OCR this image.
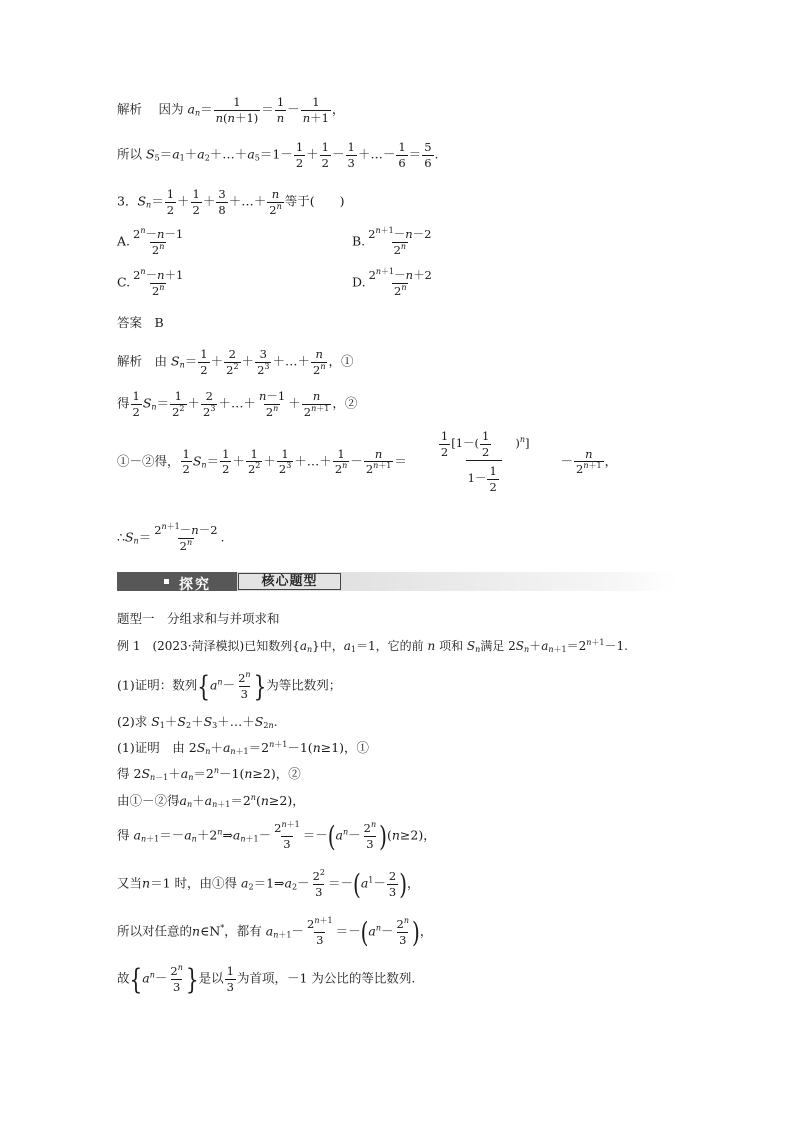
解析　 因为 $a_n= \frac{1}{n(n+1)} = \frac{1}{n} - \frac{1}{n+1}$ ，
所以 $S_5=a_1+a_2+\dots+a_5=1- \frac{1}{2} + \frac{1}{2} - \frac{1}{3}$ ＋…－ $\frac{1}{6} = \frac{5}{6}$ .
3．$S_n= \frac{1}{2} + \frac{1}{2} + \frac{3}{8}$ ＋…＋ $\frac{n}{2^n}$ 等于(　　)
A. $\frac{2^n-n-1}{2^n}$	B. $\frac{2^{n+1}-n-2}{2^n}$
C. $\frac{2^n-n+1}{2^n}$	D. $\frac{2^{n+1}-n+2}{2^n}$
答案　 B
解析　 由 $S_n= \frac{1}{2} + \frac{2}{2^2} + \frac{3}{2^3}$ ＋…＋ $\frac{n}{2^n}$ ，①
得 $\frac{1}{2} S_n= \frac{1}{2^2} + \frac{2}{2^3}$ ＋…＋ $\frac{n-1}{2^n} + \frac{n}{2^{n+1}}$ ，②
①－②得， $\frac{1}{2} S_n= \frac{1}{2} + \frac{1}{2^2} + \frac{1}{2^3}$ ＋…＋ $\frac{1}{2^n} - \frac{n}{2^{n+1}} = \frac{\frac{1}{2} [1-( \frac{1}{2} )^n]}{1- \frac{1}{2}} - \frac{n}{2^{n+1}}$ ，
$\therefore S_n= \frac{2^{n+1}-n-2}{2^n}$ .
探究	核心题型
题型一　分组求和与并项求和
例 1　 (2023·菏泽模拟)已知数列$\{a_n\}$中，$a_1=1$，它的前 n 项和 $S_n$满足 $2S_n+a_{n+1}=2^{n+1}-1$.
(1)证明：数列{$a^n- \frac{2^n}{3}$ }为等比数列；
(2)求 $S_1+S_2+S_3+\dots+S_{2n}$.
(1)证明　 由 $2S_n+a_{n+1}=2^{n+1}-1(n\ge 1)$，①
得 $2S_{n-1}+a_n=2^n-1(n\ge 2)$，②
由①－②得$a_n+a_{n+1}=2^n(n\ge 2)$，
得 $a_{n+1}=-a_n+2^n\Rightarrow a_{n+1}- \frac{2^{n+1}}{3} =-(a^n- \frac{2^n}{3} )(n\ge 2)$，
又当n＝1 时，由①得 $a_2=1\Rightarrow a_2- \frac{2^2}{3} =-(a^1- \frac{2}{3}$ )，
所以对任意的n∈N*，都有 $a_{n+1}- \frac{2^{n+1}}{3} =-(a^n- \frac{2^n}{3}$ )，
故{$a^n- \frac{2^n}{3}$ }是以 $\frac{1}{3}$ 为首项，－1 为公比的等比数列.
